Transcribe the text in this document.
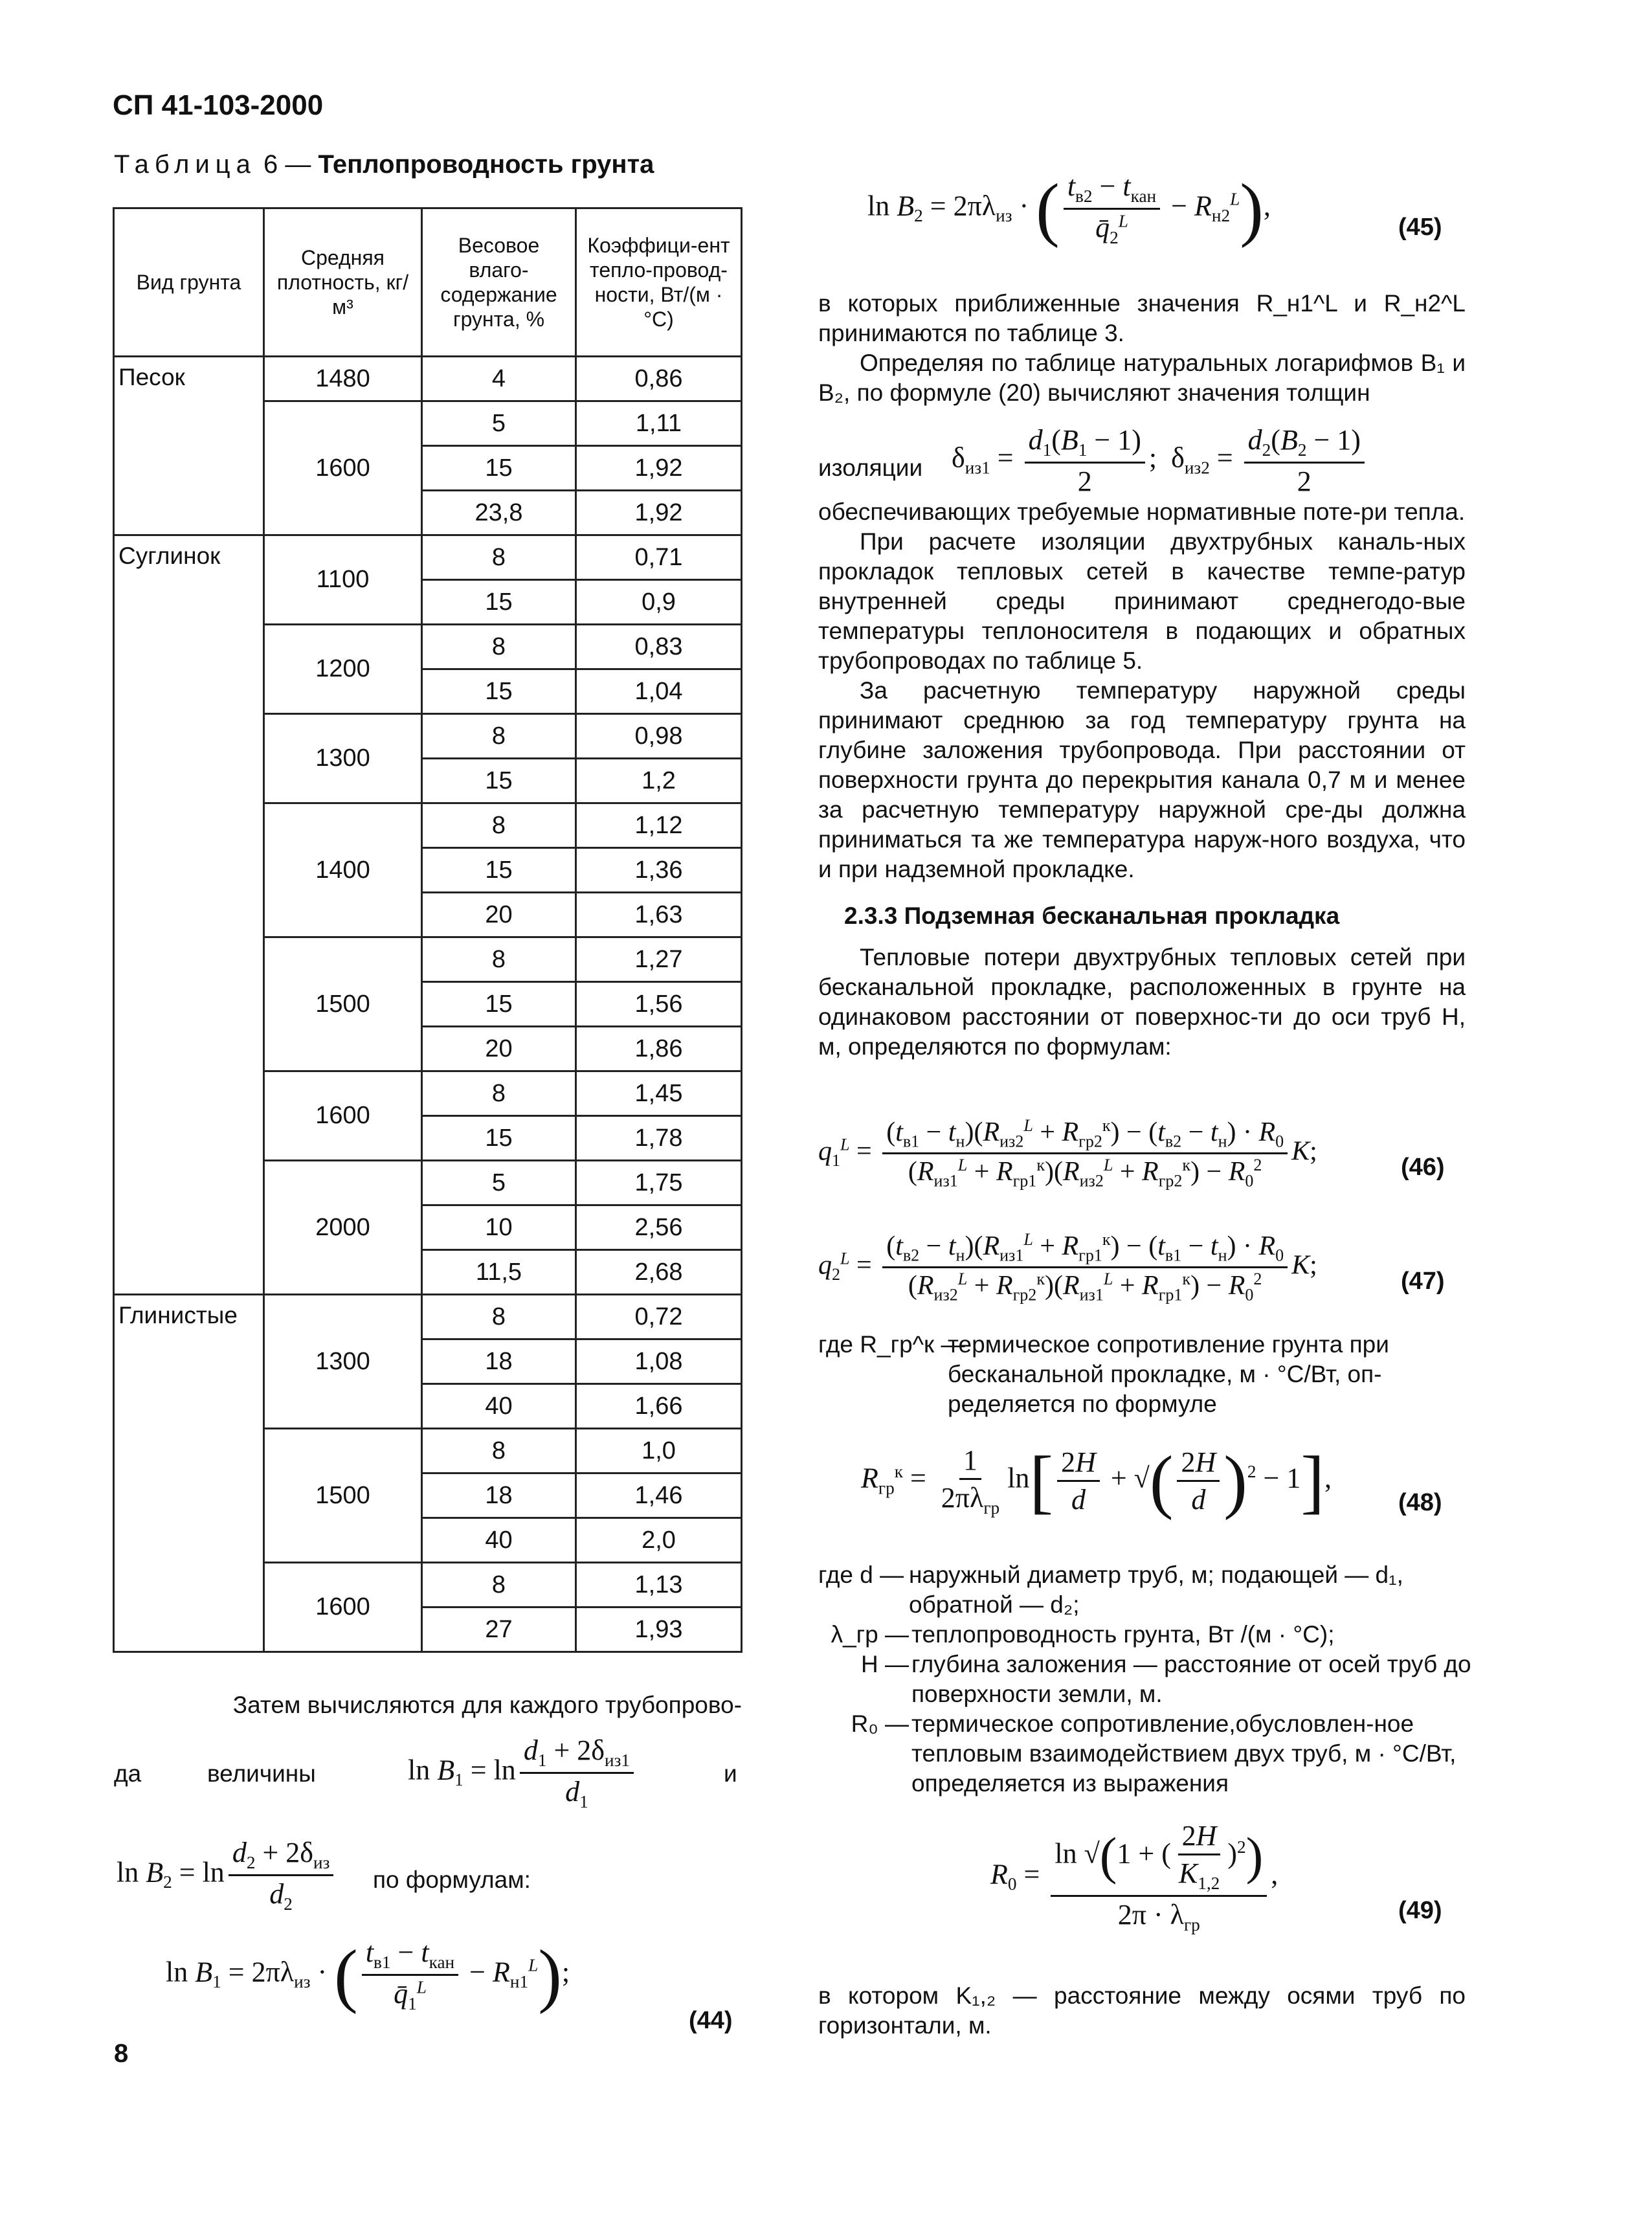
СП 41-103-2000
Таблица 6 — Теплопроводность грунта
Вид грунта	Средняя плотность, кг/м³	Весовое влаго-содержание грунта, %	Коэффици-ент тепло-провод-ности, Вт/(м · °С)
Песок	1480	4	0,86
	1600	5	1,11
		15	1,92
		23,8	1,92
Суглинок	1100	8	0,71
		15	0,9
	1200	8	0,83
		15	1,04
	1300	8	0,98
		15	1,2
	1400	8	1,12
		15	1,36
		20	1,63
	1500	8	1,27
		15	1,56
		20	1,86
	1600	8	1,45
		15	1,78
	2000	5	1,75
		10	2,56
		11,5	2,68
Глинистые	1300	8	0,72
		18	1,08
		40	1,66
	1500	8	1,0
		18	1,46
		40	2,0
	1600	8	1,13
		27	1,93
Затем вычисляются для каждого трубопрово-
да	величины	и
$\ln B_1 = \ln \frac{d_1 + 2\delta_{из1}}{d_1}$
$\ln B_2 = \ln \frac{d_2 + 2\delta_{из}}{d_2}$ по формулам:
$\ln B_1 = 2\pi\lambda_{из}$ · ( $\frac{t_{в1} - t_{кан}}{q̄_1^L} - R_{н1}^L$);
(44)
8
$\ln B_2 = 2\pi\lambda_{из}$ · ( $\frac{t_{в2} - t_{кан}}{q̄_2^L} - R_{н2}^L$),
(45)

в которых приближенные значения R_н1^L и R_н2^L принимаются по таблице 3.

Определяя по таблице натуральных логарифмов B₁ и B₂, по формуле (20) вычисляют значения толщин

изоляции $\delta_{из1} = \frac{d_1(B_1 - 1)}{2}$ ;  $\delta_{из2} = \frac{d_2(B_2 - 1)}{2}$

обеспечивающих требуемые нормативные поте-ри тепла.

При расчете изоляции двухтрубных каналь-ных прокладок тепловых сетей в качестве темпе-ратур внутренней среды принимают среднегодо-вые температуры теплоносителя в подающих и обратных трубопроводах по таблице 5.

За расчетную температуру наружной среды принимают среднюю за год температуру грунта на глубине заложения трубопровода. При расстоянии от поверхности грунта до перекрытия канала 0,7 м и менее за расчетную температуру наружной сре-ды должна приниматься та же температура наруж-ного воздуха, что и при надземной прокладке.

2.3.3 Подземная бесканальная прокладка

Тепловые потери двухтрубных тепловых сетей при бесканальной прокладке, расположенных в грунте на одинаковом расстоянии от поверхнос-ти до оси труб H, м, определяются по формулам:

$q_1^L = \frac{(t_{в1} - t_н)(R_{из2}^L + R_{гр2}^к) - (t_{в2} - t_н) \cdot R_0}{(R_{из1}^L + R_{гр1}^к)(R_{из2}^L + R_{гр2}^к) - R_0^2} K$;
(46)
$q_2^L = \frac{(t_{в2} - t_н)(R_{из1}^L + R_{гр1}^к) - (t_{в1} - t_н) \cdot R_0}{(R_{из2}^L + R_{гр2}^к)(R_{из1}^L + R_{гр1}^к) - R_0^2} K$;
(47)
где R_гр^к —
термическое сопротивление грунта при бесканальной прокладке, м · °С/Вт, оп-ределяется по формуле
$R_{гр}^к = \frac{1}{2\pi\lambda_{гр}} \ln[ \frac{2H}{d}$ + √( $\frac{2H}{d} )^2 - 1$],
(48)
где d — наружный диаметр труб, м; подающей — d₁, обратной — d₂;
λ_гр — теплопроводность грунта, Вт /(м · °С);
H — глубина заложения — расстояние от осей труб до поверхности земли, м.
R₀ — термическое сопротивление,обусловлен-ное тепловым взаимодействием двух труб, м · °С/Вт, определяется из выражения
$R_0 = \frac{\ln √(1 + ( \frac{2H}{K_{1,2}} )^2)}{2\pi \cdot \lambda_{гр}}$ ,
(49)

в котором K₁,₂ — расстояние между осями труб по горизонтали, м.
